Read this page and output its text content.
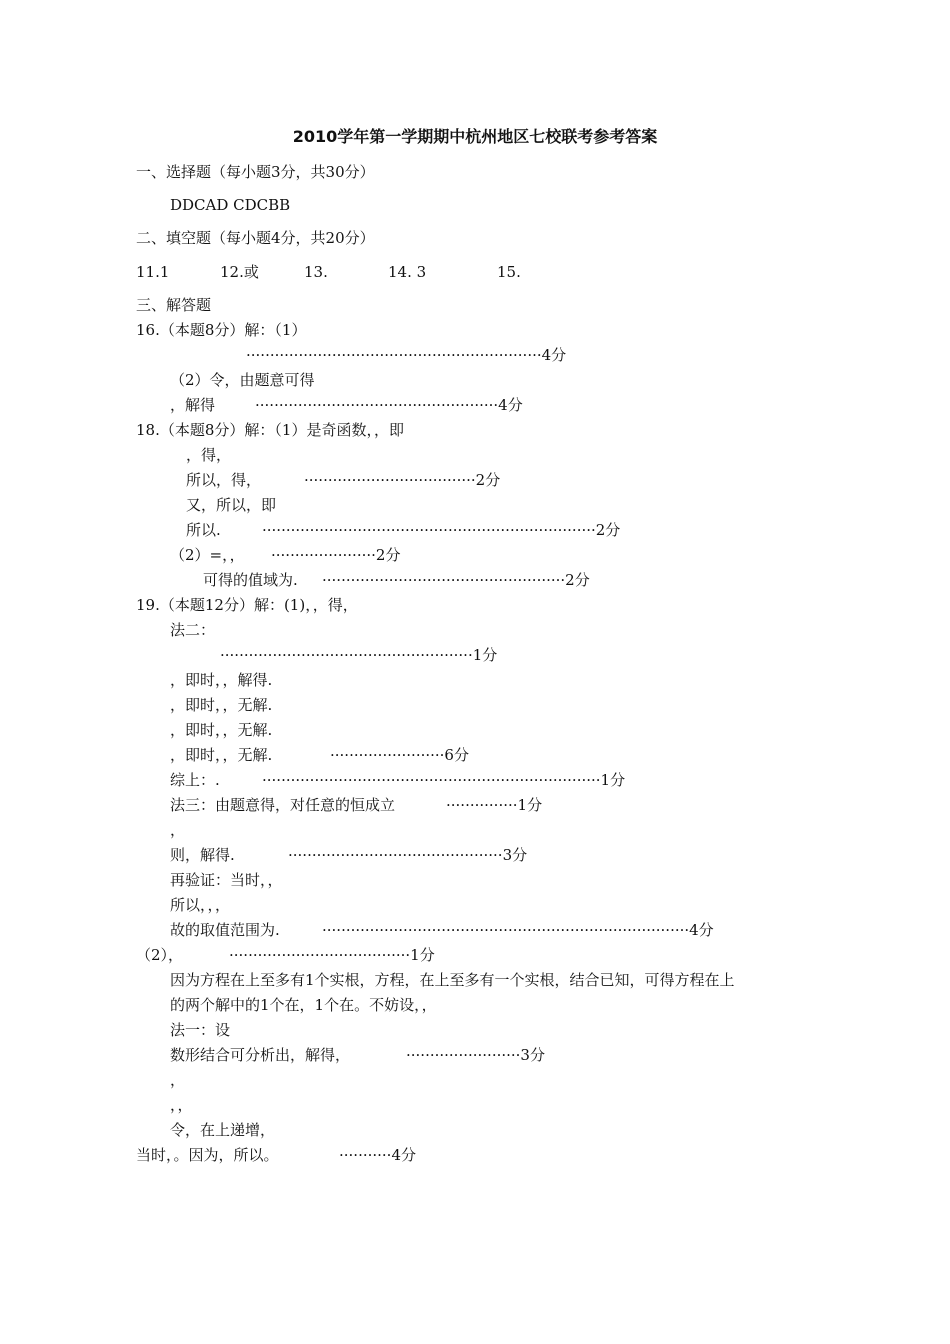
2010学年第一学期期中杭州地区七校联考参考答案
一、选择题（每小题3分，共30分）
DDCAD CDCBB
二、填空题（每小题4分，共20分）
11.1	12.或	13.	14. 3	15.
三、解答题
16.（本题8分）解：（1）
······························································4分
（2）令，由题意可得
，解得	···················································4分
18.（本题8分）解：（1）是奇函数，，即
，得，
所以，得，	····································2分
又，所以，即
所以.	······································································2分
（2）=，， ······················2分
可得的值域为. ···················································2分
19.（本题12分）解：(1)，，得，
法二：
·····················································1分
，即时，，解得.
，即时，，无解.
，即时，，无解.
，即时，，无解.	························6分
综上：.	·······································································1分
法三：由题意得，对任意的恒成立	···············1分
，
则，解得.	·············································3分
再验证：当时，，
所以，，，
故的取值范围为.	·············································································4分
（2），	······································1分
因为方程在上至多有1个实根，方程，在上至多有一个实根，结合已知，可得方程在上
的两个解中的1个在，1个在。不妨设，，
法一：设
数形结合可分析出，解得，	························3分
，
，，
令，在上递增，
当时，。因为，所以。	···········4分
